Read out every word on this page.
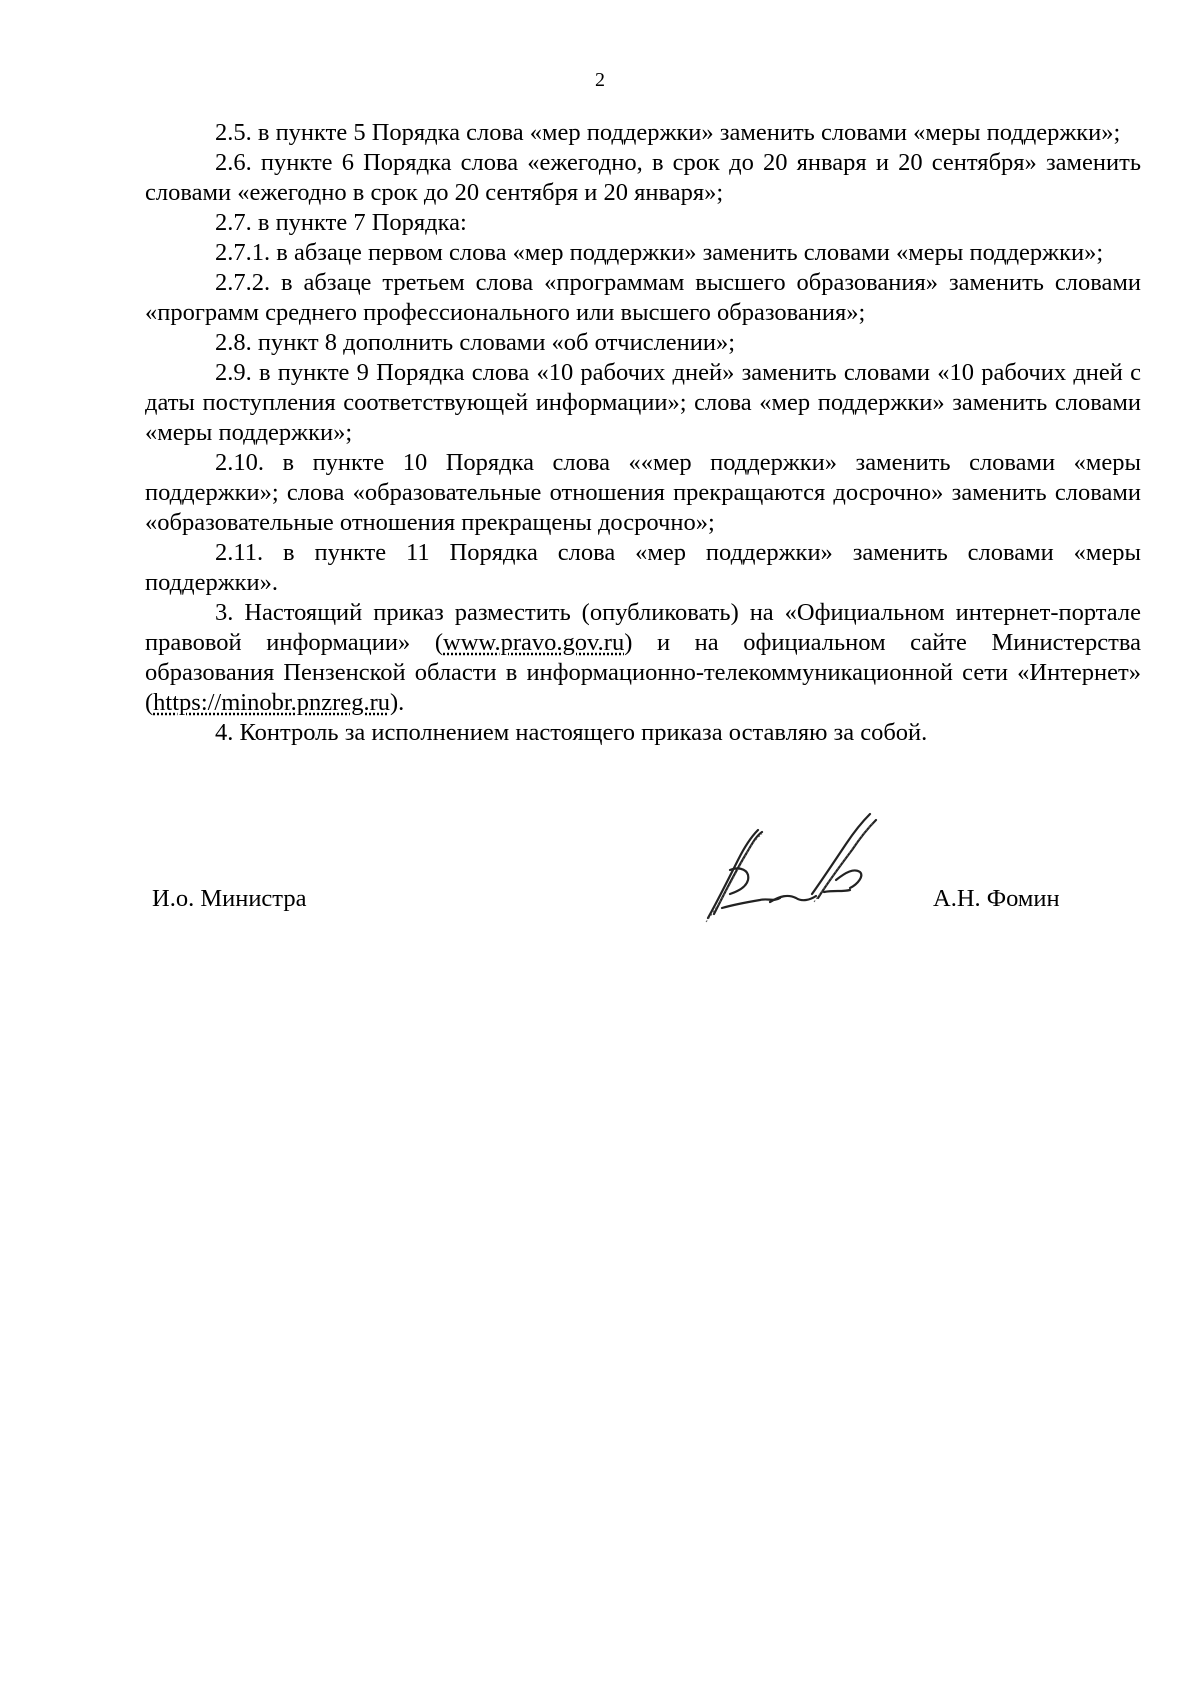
2

2.5. в пункте 5 Порядка слова «мер поддержки» заменить словами «меры поддержки»;

2.6. пункте 6 Порядка слова «ежегодно, в срок до 20 января и 20 сентября» заменить словами «ежегодно в срок до 20 сентября и 20 января»;

2.7. в пункте 7 Порядка:

2.7.1. в абзаце первом слова «мер поддержки» заменить словами «меры поддержки»;

2.7.2. в абзаце третьем слова «программам высшего образования» заменить словами «программ среднего профессионального или высшего образования»;

2.8. пункт 8 дополнить словами «об отчислении»;

2.9. в пункте 9 Порядка слова «10 рабочих дней» заменить словами «10 рабочих дней с даты поступления соответствующей информации»; слова «мер поддержки» заменить словами «меры поддержки»;

2.10. в пункте 10 Порядка слова ««мер поддержки» заменить словами «меры поддержки»; слова «образовательные отношения прекращаются досрочно» заменить словами «образовательные отношения прекращены досрочно»;

2.11. в пункте 11 Порядка слова «мер поддержки» заменить словами «меры поддержки».

3. Настоящий приказ разместить (опубликовать) на «Официальном интернет-портале правовой информации» (www.pravo.gov.ru) и на официальном сайте Министерства образования Пензенской области в информационно-телекоммуникационной сети «Интернет» (https://minobr.pnzreg.ru).

4. Контроль за исполнением настоящего приказа оставляю за собой.

И.о. Министра	А.Н. Фомин
